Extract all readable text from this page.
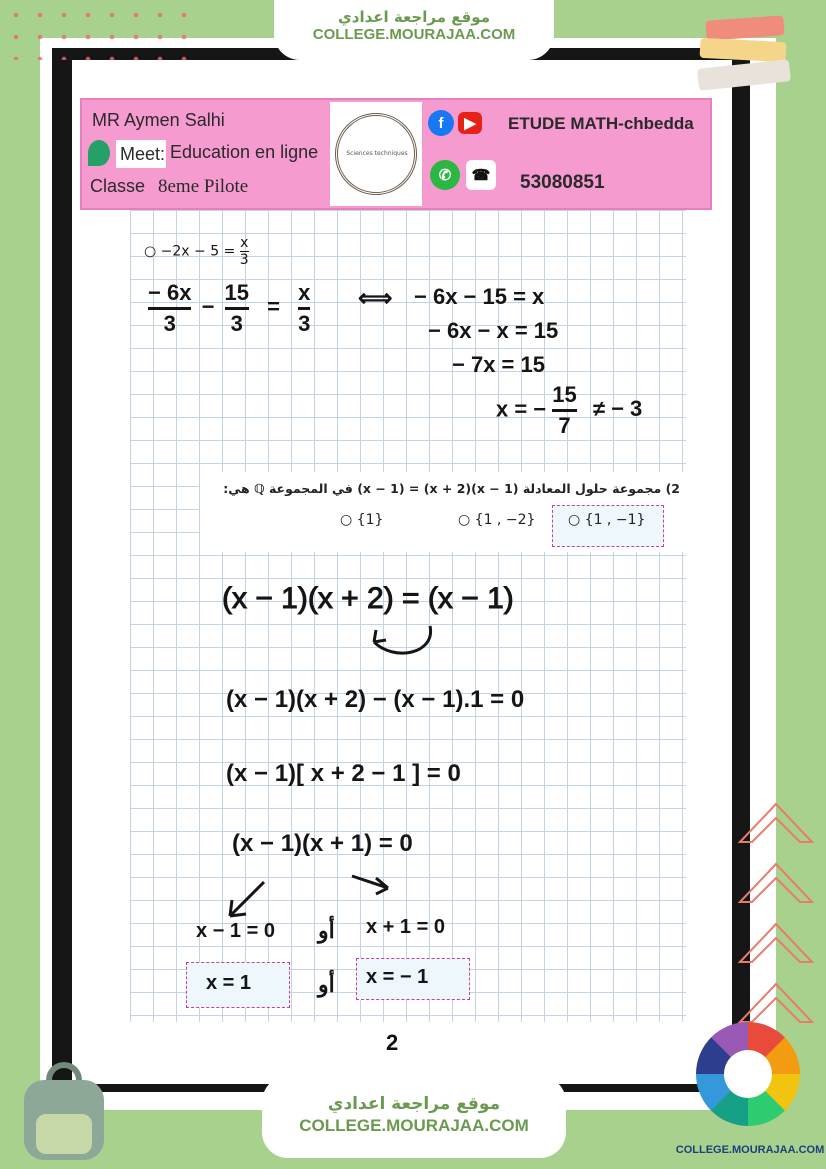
موقع مراجعة اعدادي
COLLEGE.MOURAJAA.COM
MR Aymen Salhi
Meet: Education en ligne
Classe 8eme Pilote
ETUDE MATH-chbedda
53080851
f	▶
✆	☎
Sciences techniques
○ $-2x - 5 = \frac{x}{3}$
$\frac{- 6x}{3} - \frac{15}{3} = \frac{x}{3}$ ⟺ − 6x − 15 = x
− 6x − x = 15
− 7x = 15
x = − $\frac{15}{7}$ ≠ − 3
2) مجموعة حلول المعادلة (x − 1)(x + 2) = (x − 1) في المجموعة ℚ هي:
○ {1}	○ {1 , −2} ○ {1 , −1}
(x − 1)(x + 2) = (x − 1)
(x − 1)(x + 2) − (x − 1).1 = 0
(x − 1)[ x + 2 − 1 ] = 0
(x − 1)(x + 1) = 0
x − 1 = 0 أو x + 1 = 0
x = 1	أو x = − 1
2
موقع مراجعة اعدادي
COLLEGE.MOURAJAA.COM
COLLEGE.MOURAJAA.COM
